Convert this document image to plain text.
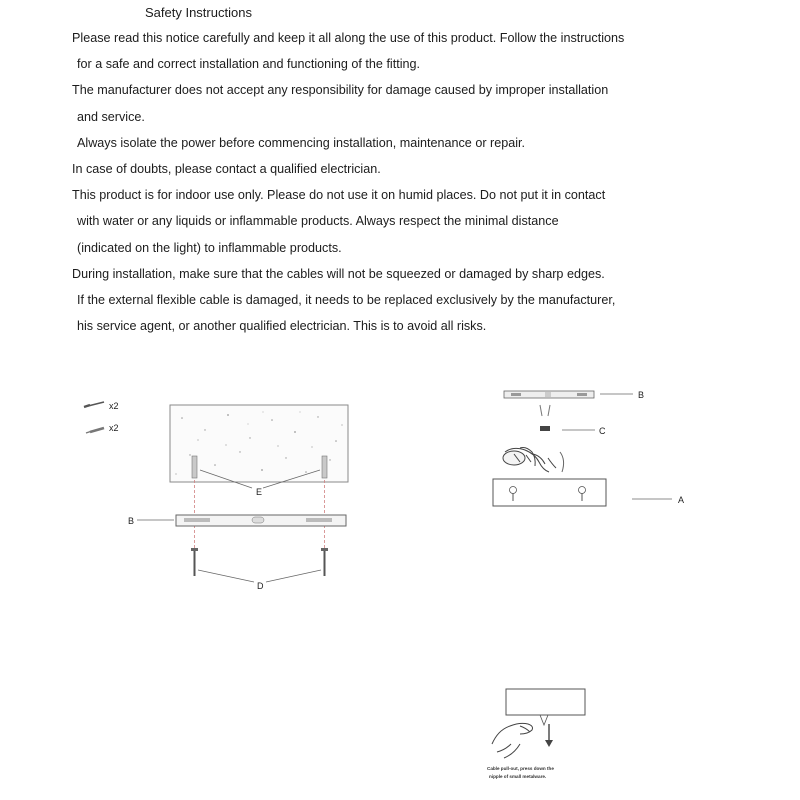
Safety Instructions
Please read this notice carefully and keep it all along the use of this product. Follow the instructions
for a safe and correct installation and functioning of the fitting.
The manufacturer does not accept any responsibility for damage caused by improper installation
and service.
Always isolate the power before commencing installation, maintenance or repair.
In case of doubts, please contact a qualified electrician.
This product is for indoor use only. Please do not use it on humid places. Do not put it in contact
with water or any liquids or inflammable products. Always respect the minimal distance
(indicated on the light) to inflammable products.
During installation, make sure that the cables will not be squeezed or damaged by sharp edges.
If the external flexible cable is damaged, it needs to be replaced exclusively by the manufacturer,
his service agent, or another qualified electrician. This is to avoid all risks.
x2
x2
E
B
D
B
C
A
Cable pull-out, press down the
nipple of small metalware.
